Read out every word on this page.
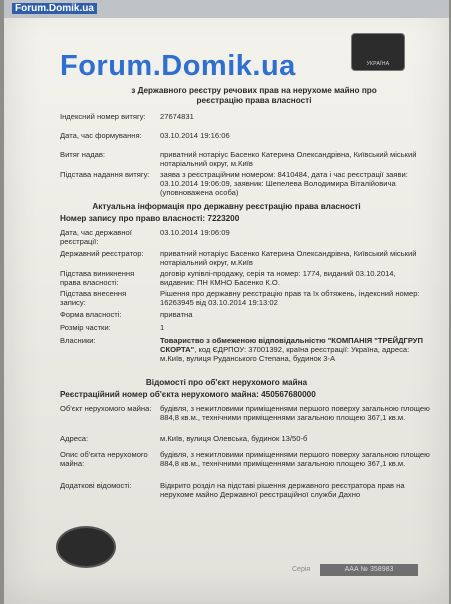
Forum.Domik.ua
Forum.Domik.ua	УКРАЇНА
з Державного реєстру речових прав на нерухоме майно про
реєстрацію права власності
Індексний номер витягу:	27674831
Дата, час формування:	03.10.2014 19:16:06
Витяг надав:	приватний нотаріус Басенко Катерина Олександрівна, Київський міський нотаріальний округ, м.Київ
Підстава надання витягу:	заява з реєстраційним номером: 8410484, дата і час реєстрації заяви: 03.10.2014 19:06:09, заявник: Шепелева Володимира Віталійовича (уповноважена особа)
Актуальна інформація про державну реєстрацію права власності
Номер запису про право власності: 7223200
Дата, час державної реєстрації:
03.10.2014 19:06:09
Державний реєстратор:	приватний нотаріус Басенко Катерина Олександрівна, Київський міський нотаріальний округ, м.Київ
Підстава виникнення права власності:
договір купівлі-продажу, серія та номер: 1774, виданий 03.10.2014, видавник: ПН КМНО Басенко К.О.
Підстава внесення запису:
Рішення про державну реєстрацію прав та їх обтяжень, індексний номер: 16263945 від 03.10.2014 19:13:02
Форма власності:	приватна
Розмір частки:	1
Власники:	Товариство з обмеженою відповідальністю "КОМПАНІЯ "ТРЕЙДГРУП СКОРТА", код ЄДРПОУ: 37001392, країна реєстрації: Україна, адреса: м.Київ, вулиця Руданського Степана, будинок 3-А
Відомості про об'єкт нерухомого майна
Реєстраційний номер об'єкта нерухомого майна: 450567680000
Об'єкт нерухомого майна:	будівля, з нежитловими приміщеннями першого поверху загальною площею 884,8 кв.м., технічними приміщеннями загальною площею 367,1 кв.м.
Адреса:	м.Київ, вулиця Олевська, будинок 13/50-б
Опис об'єкта нерухомого майна:
будівля, з нежитловими приміщеннями першого поверху загальною площею 884,8 кв.м., технічними приміщеннями загальною площею 367,1 кв.м.
Додаткові відомості:	Відкрито розділ на підставі рішення державного реєстратора прав на нерухоме майно Державної реєстраційної служби Дахно
Серія	ААА № 358983
